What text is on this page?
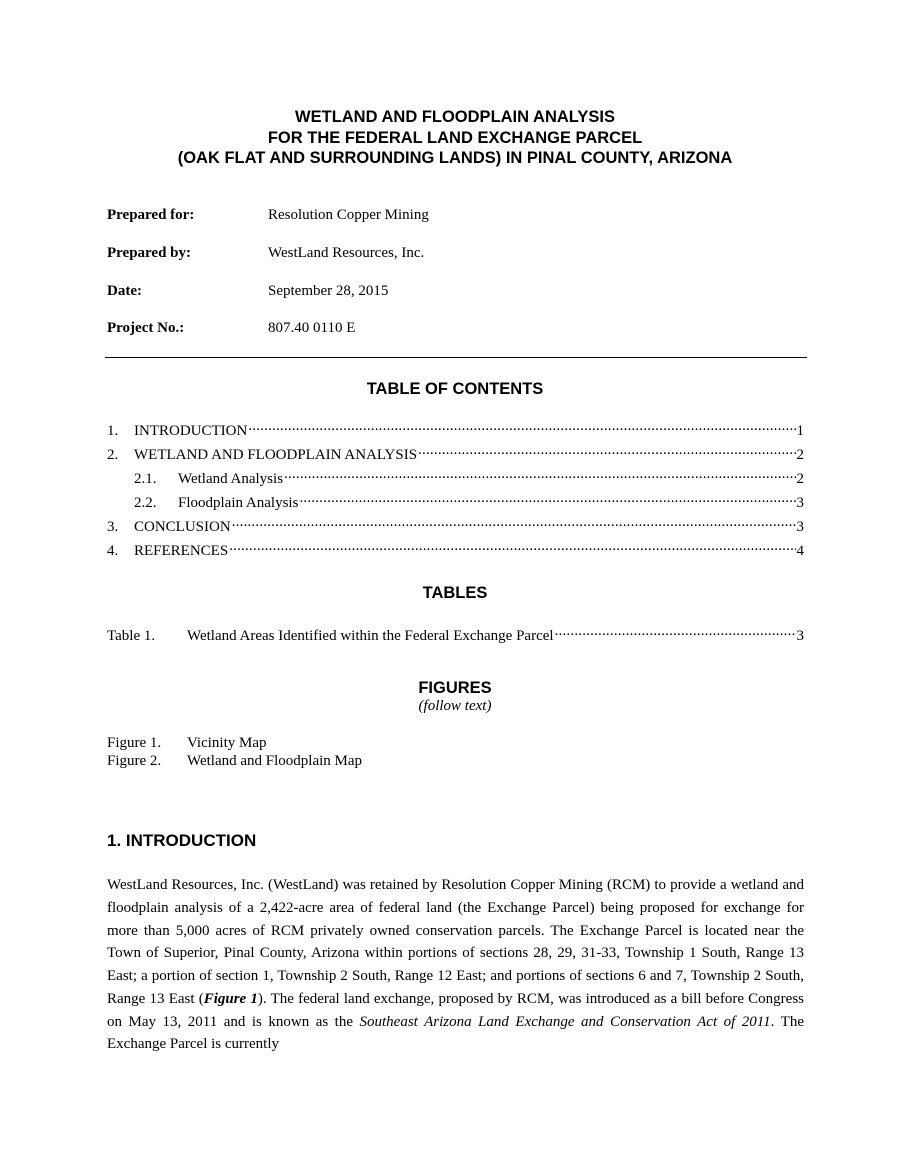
WETLAND AND FLOODPLAIN ANALYSIS
FOR THE FEDERAL LAND EXCHANGE PARCEL
(OAK FLAT AND SURROUNDING LANDS) IN PINAL COUNTY, ARIZONA
Prepared for:	Resolution Copper Mining
Prepared by:	WestLand Resources, Inc.
Date:	September 28, 2015
Project No.:	807.40 0110 E
TABLE OF CONTENTS
1.	INTRODUCTION .....	1
2.	WETLAND AND FLOODPLAIN ANALYSIS .....	2
2.1.	Wetland Analysis .....	2
2.2.	Floodplain Analysis .....	3
3.	CONCLUSION .....	3
4.	REFERENCES .....	4
TABLES
Table 1.	Wetland Areas Identified within the Federal Exchange Parcel .....	3
FIGURES
(follow text)
Figure 1. Vicinity Map
Figure 2. Wetland and Floodplain Map
1. INTRODUCTION

WestLand Resources, Inc. (WestLand) was retained by Resolution Copper Mining (RCM) to provide a wetland and floodplain analysis of a 2,422-acre area of federal land (the Exchange Parcel) being proposed for exchange for more than 5,000 acres of RCM privately owned conservation parcels. The Exchange Parcel is located near the Town of Superior, Pinal County, Arizona within portions of sections 28, 29, 31-33, Township 1 South, Range 13 East; a portion of section 1, Township 2 South, Range 12 East; and portions of sections 6 and 7, Township 2 South, Range 13 East (Figure 1). The federal land exchange, proposed by RCM, was introduced as a bill before Congress on May 13, 2011 and is known as the Southeast Arizona Land Exchange and Conservation Act of 2011. The Exchange Parcel is currently
